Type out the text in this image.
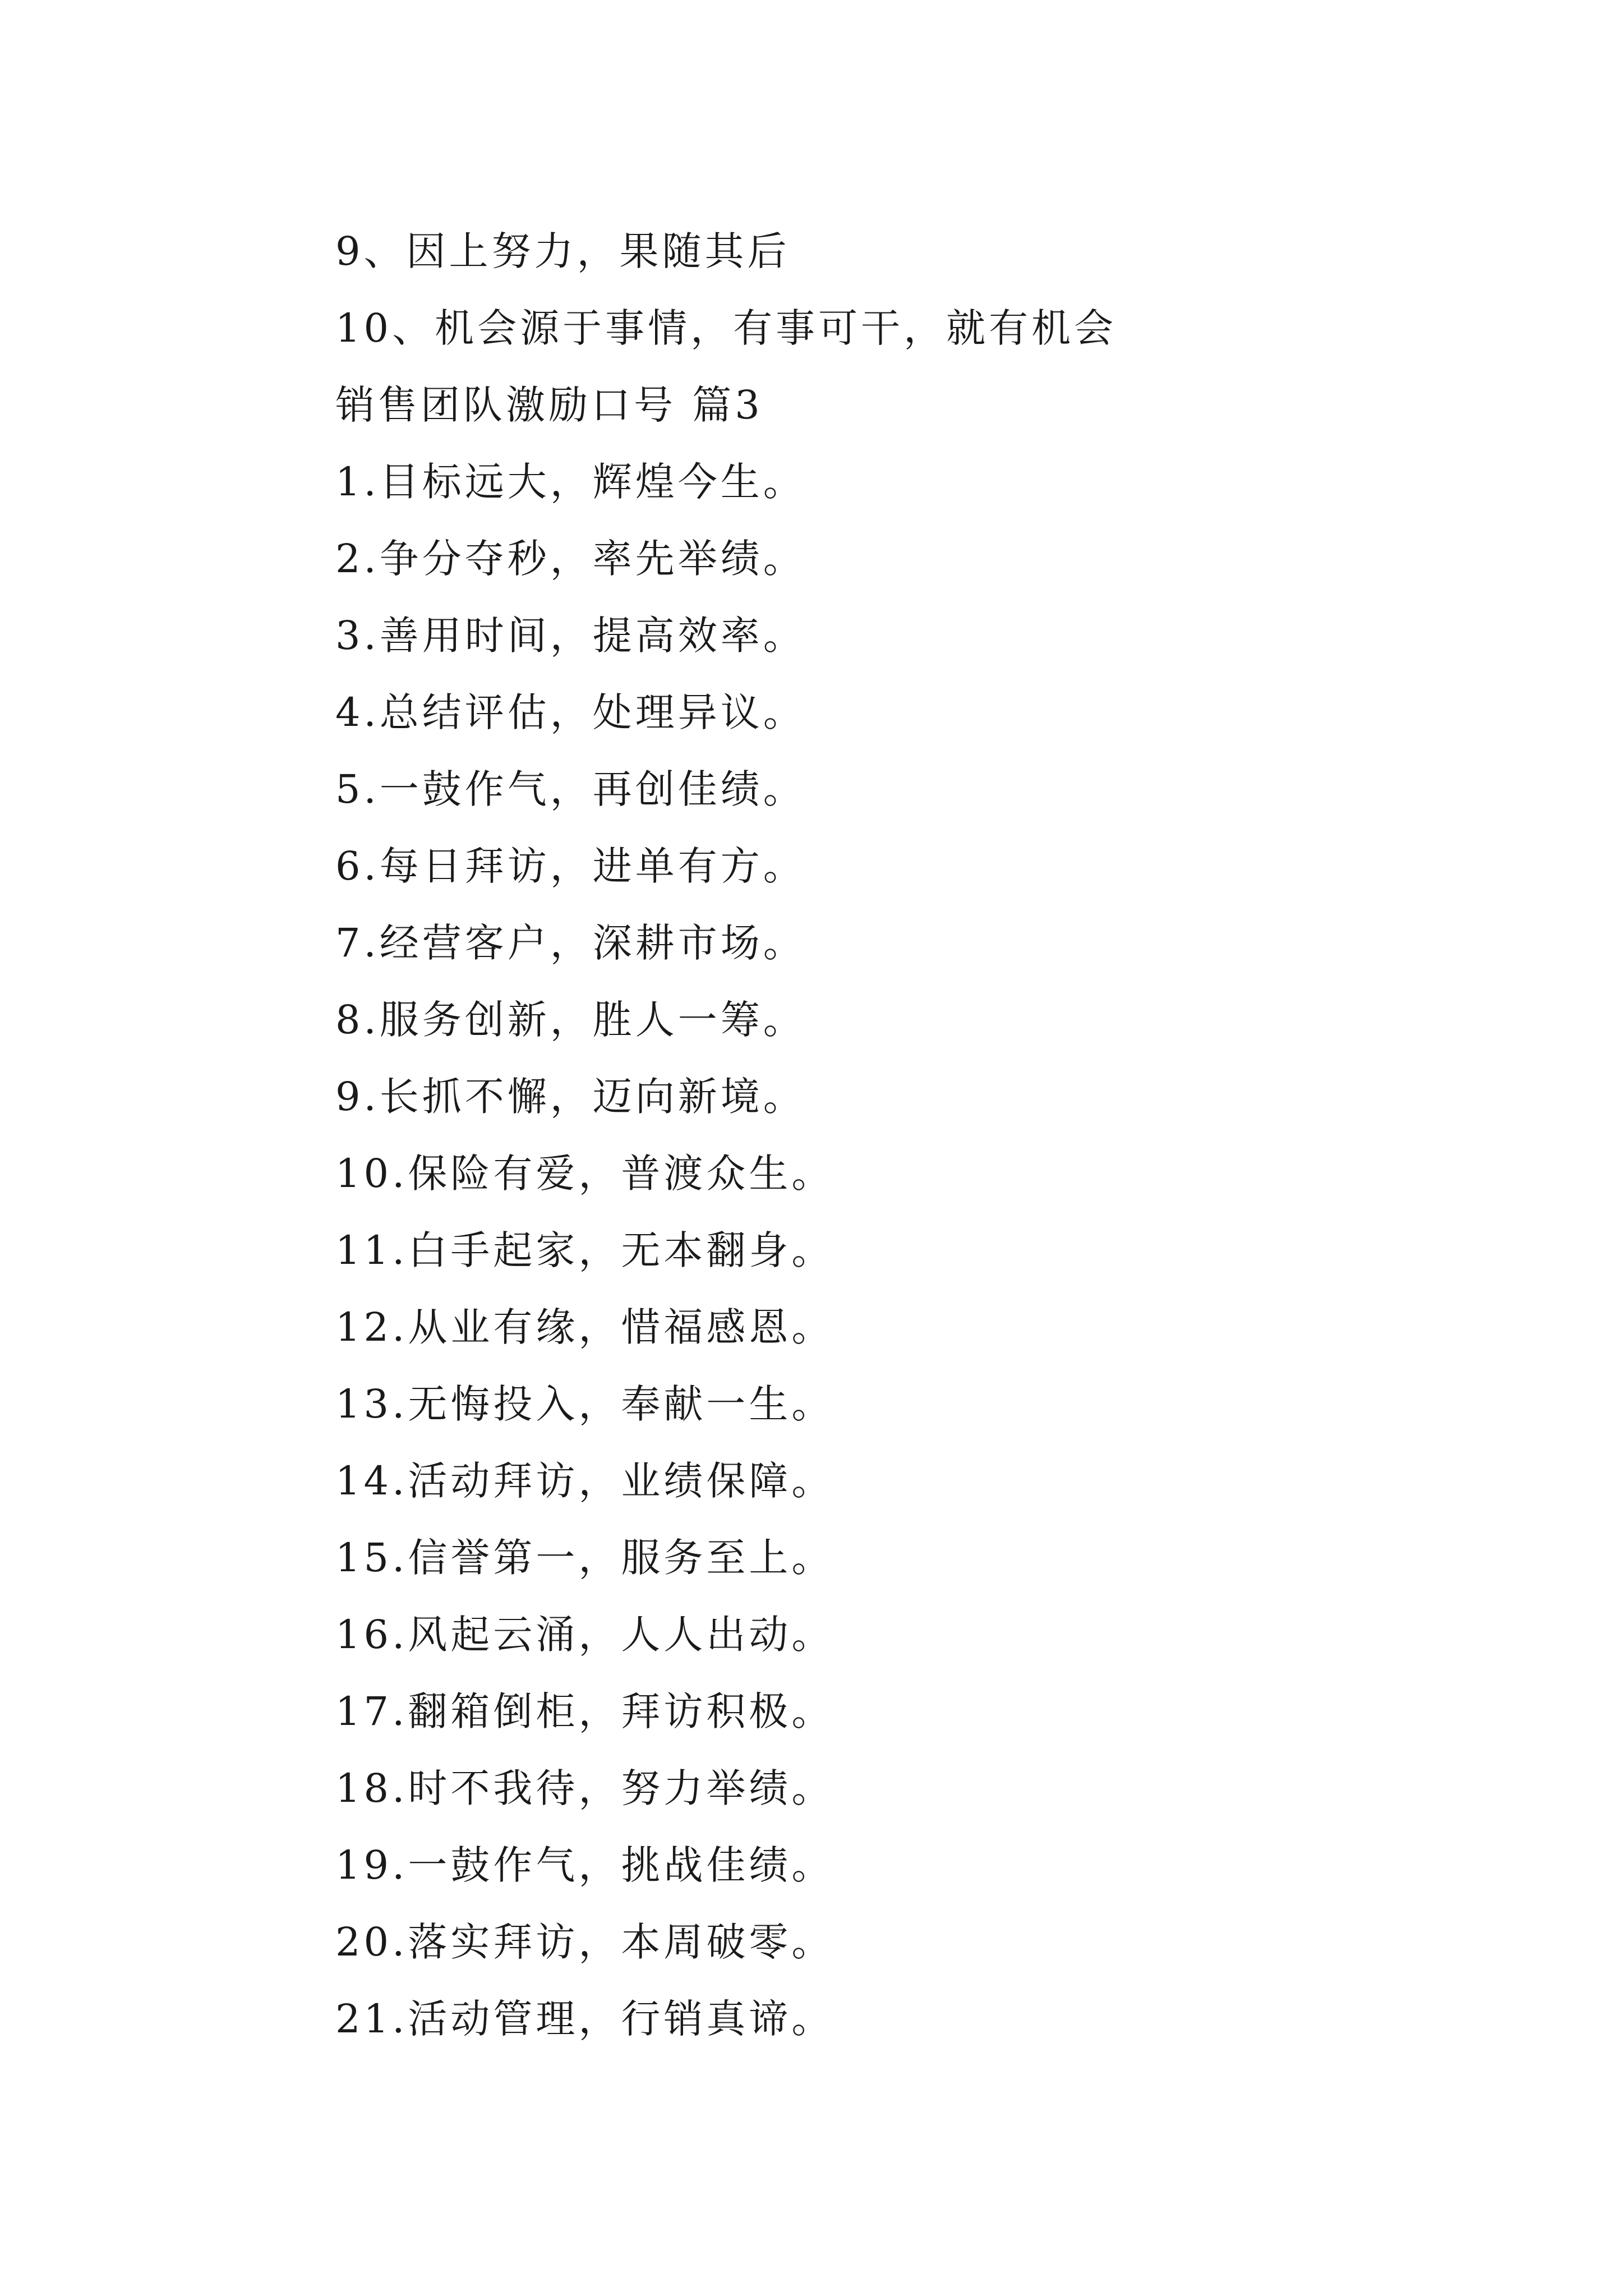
9、因上努力，果随其后
10、机会源于事情，有事可干，就有机会
销售团队激励口号 篇3
1.目标远大，辉煌今生。
2.争分夺秒，率先举绩。
3.善用时间，提高效率。
4.总结评估，处理异议。
5.一鼓作气，再创佳绩。
6.每日拜访，进单有方。
7.经营客户，深耕市场。
8.服务创新，胜人一筹。
9.长抓不懈，迈向新境。
10.保险有爱，普渡众生。
11.白手起家，无本翻身。
12.从业有缘，惜福感恩。
13.无悔投入，奉献一生。
14.活动拜访，业绩保障。
15.信誉第一，服务至上。
16.风起云涌，人人出动。
17.翻箱倒柜，拜访积极。
18.时不我待，努力举绩。
19.一鼓作气，挑战佳绩。
20.落实拜访，本周破零。
21.活动管理，行销真谛。
